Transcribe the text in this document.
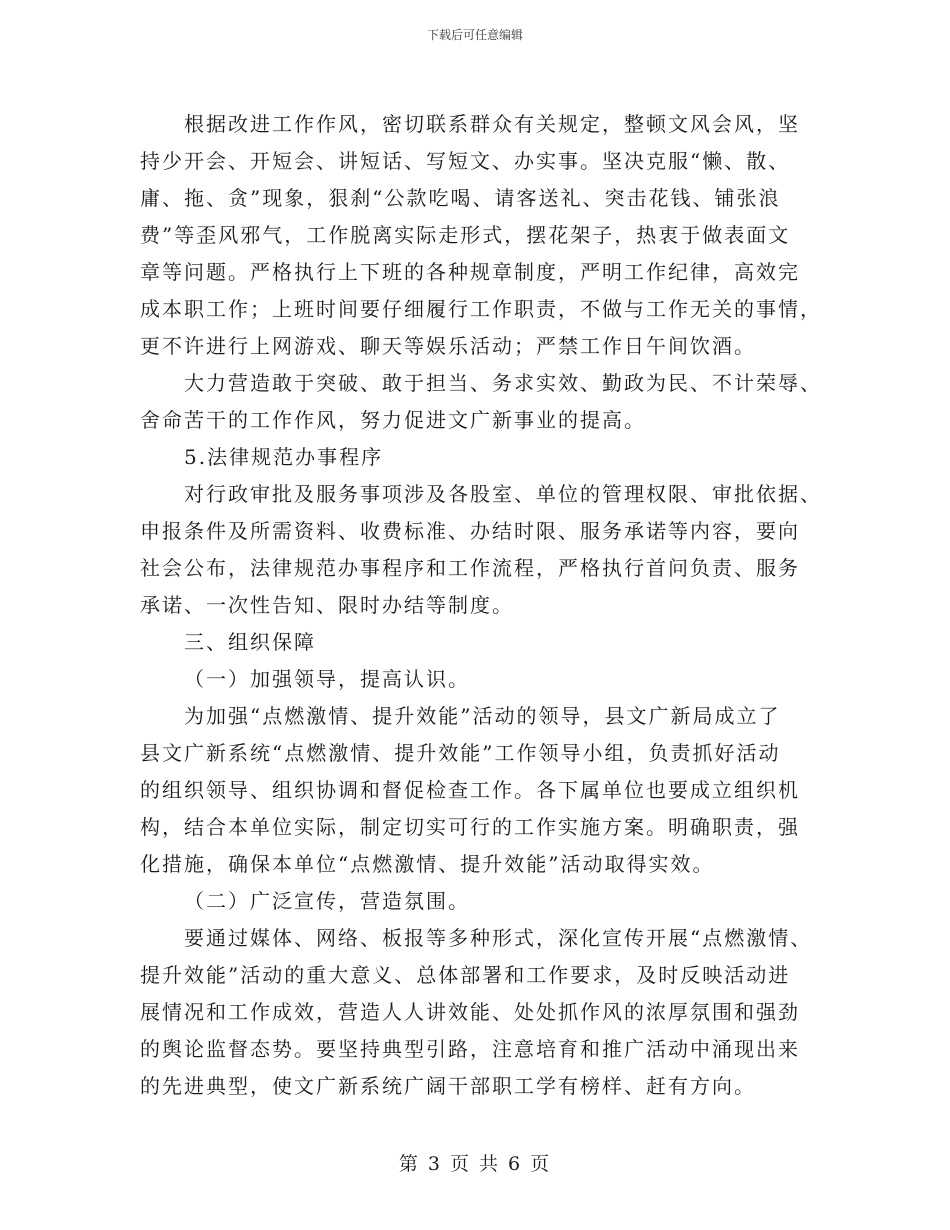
下载后可任意编辑
根据改进工作作风，密切联系群众有关规定，整顿文风会风，坚
持少开会、开短会、讲短话、写短文、办实事。坚决克服“懒、散、
庸、拖、贪”现象，狠刹“公款吃喝、请客送礼、突击花钱、铺张浪
费”等歪风邪气，工作脱离实际走形式，摆花架子，热衷于做表面文
章等问题。严格执行上下班的各种规章制度，严明工作纪律，高效完
成本职工作；上班时间要仔细履行工作职责，不做与工作无关的事情，
更不许进行上网游戏、聊天等娱乐活动；严禁工作日午间饮酒。
大力营造敢于突破、敢于担当、务求实效、勤政为民、不计荣辱、
舍命苦干的工作作风，努力促进文广新事业的提高。
5.法律规范办事程序
对行政审批及服务事项涉及各股室、单位的管理权限、审批依据、
申报条件及所需资料、收费标准、办结时限、服务承诺等内容，要向
社会公布，法律规范办事程序和工作流程，严格执行首问负责、服务
承诺、一次性告知、限时办结等制度。
三、组织保障
（一）加强领导，提高认识。
为加强“点燃激情、提升效能”活动的领导，县文广新局成立了
县文广新系统“点燃激情、提升效能”工作领导小组，负责抓好活动
的组织领导、组织协调和督促检查工作。各下属单位也要成立组织机
构，结合本单位实际，制定切实可行的工作实施方案。明确职责，强
化措施，确保本单位“点燃激情、提升效能”活动取得实效。
（二）广泛宣传，营造氛围。
要通过媒体、网络、板报等多种形式，深化宣传开展“点燃激情、
提升效能”活动的重大意义、总体部署和工作要求，及时反映活动进
展情况和工作成效，营造人人讲效能、处处抓作风的浓厚氛围和强劲
的舆论监督态势。要坚持典型引路，注意培育和推广活动中涌现出来
的先进典型，使文广新系统广阔干部职工学有榜样、赶有方向。
第 3 页 共 6 页
